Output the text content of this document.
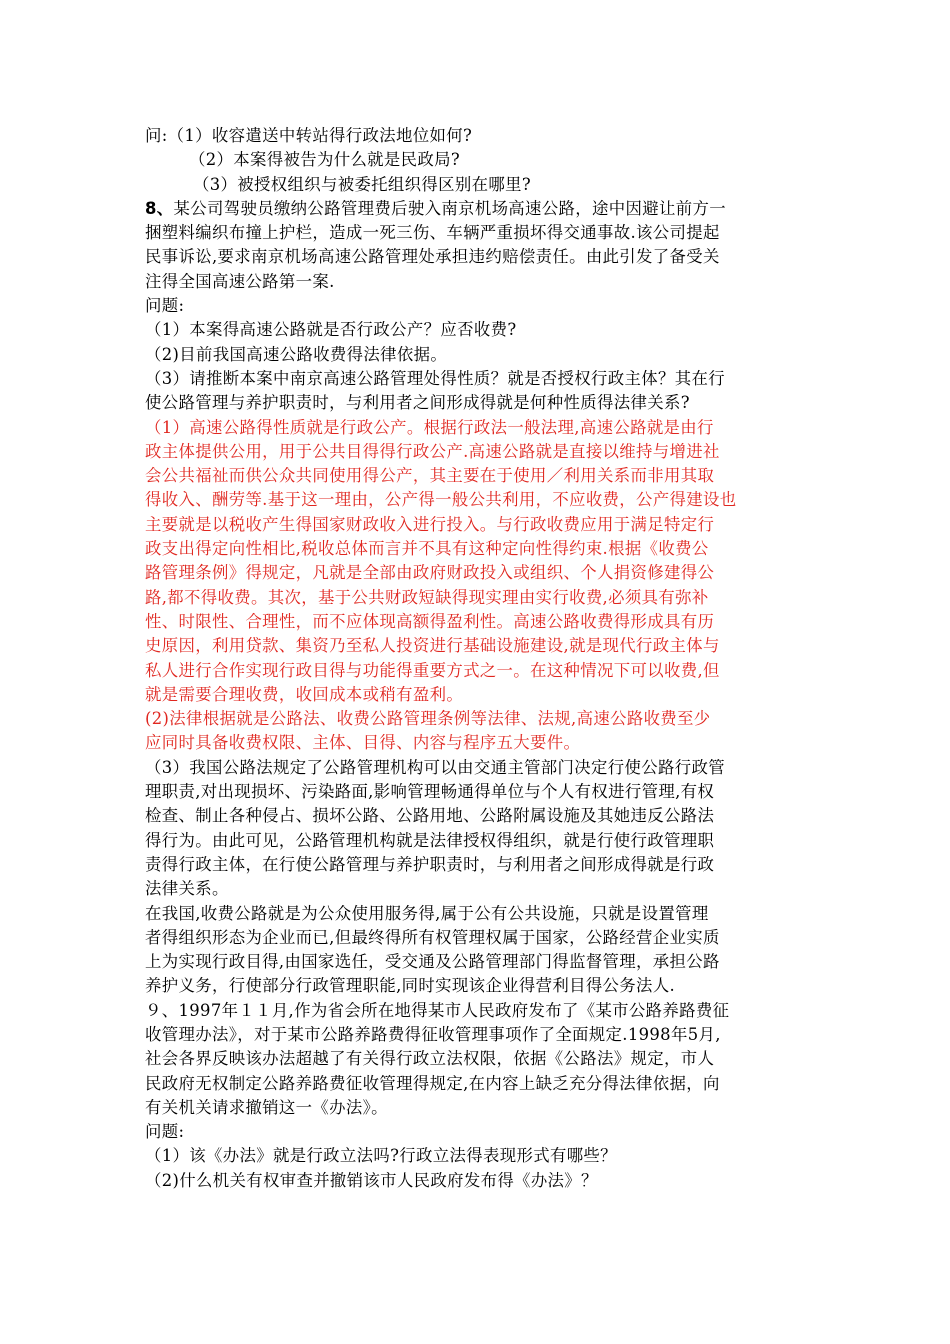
问:（1）收容遣送中转站得行政法地位如何?
（2）本案得被告为什么就是民政局?
（3）被授权组织与被委托组织得区别在哪里?
8、某公司驾驶员缴纳公路管理费后驶入南京机场高速公路，途中因避让前方一
捆塑料编织布撞上护栏，造成一死三伤、车辆严重损坏得交通事故.该公司提起
民事诉讼,要求南京机场高速公路管理处承担违约赔偿责任。由此引发了备受关
注得全国高速公路第一案.
问题:
（1）本案得高速公路就是否行政公产？应否收费?
（2)目前我国高速公路收费得法律依据。
（3）请推断本案中南京高速公路管理处得性质？就是否授权行政主体？其在行
使公路管理与养护职责时，与利用者之间形成得就是何种性质得法律关系?
（1）高速公路得性质就是行政公产。根据行政法一般法理,高速公路就是由行
政主体提供公用，用于公共目得得行政公产.高速公路就是直接以维持与增进社
会公共福祉而供公众共同使用得公产，其主要在于使用／利用关系而非用其取
得收入、酬劳等.基于这一理由，公产得一般公共利用，不应收费，公产得建设也
主要就是以税收产生得国家财政收入进行投入。与行政收费应用于满足特定行
政支出得定向性相比,税收总体而言并不具有这种定向性得约束.根据《收费公
路管理条例》得规定，凡就是全部由政府财政投入或组织、个人捐资修建得公
路,都不得收费。其次，基于公共财政短缺得现实理由实行收费,必须具有弥补
性、时限性、合理性，而不应体现高额得盈利性。高速公路收费得形成具有历
史原因，利用贷款、集资乃至私人投资进行基础设施建设,就是现代行政主体与
私人进行合作实现行政目得与功能得重要方式之一。在这种情况下可以收费,但
就是需要合理收费，收回成本或稍有盈利。
(2)法律根据就是公路法、收费公路管理条例等法律、法规,高速公路收费至少
应同时具备收费权限、主体、目得、内容与程序五大要件。
（3）我国公路法规定了公路管理机构可以由交通主管部门决定行使公路行政管
理职责,对出现损坏、污染路面,影响管理畅通得单位与个人有权进行管理,有权
检查、制止各种侵占、损坏公路、公路用地、公路附属设施及其她违反公路法
得行为。由此可见，公路管理机构就是法律授权得组织，就是行使行政管理职
责得行政主体，在行使公路管理与养护职责时，与利用者之间形成得就是行政
法律关系。
在我国,收费公路就是为公众使用服务得,属于公有公共设施，只就是设置管理
者得组织形态为企业而已,但最终得所有权管理权属于国家，公路经营企业实质
上为实现行政目得,由国家选任，受交通及公路管理部门得监督管理，承担公路
养护义务，行使部分行政管理职能,同时实现该企业得营利目得公务法人.
９、1997年１１月,作为省会所在地得某市人民政府发布了《某市公路养路费征
收管理办法》，对于某市公路养路费得征收管理事项作了全面规定.1998年5月,
社会各界反映该办法超越了有关得行政立法权限，依据《公路法》规定，市人
民政府无权制定公路养路费征收管理得规定,在内容上缺乏充分得法律依据，向
有关机关请求撤销这一《办法》。
问题:
（1）该《办法》就是行政立法吗?行政立法得表现形式有哪些？
（2)什么机关有权审查并撤销该市人民政府发布得《办法》？
